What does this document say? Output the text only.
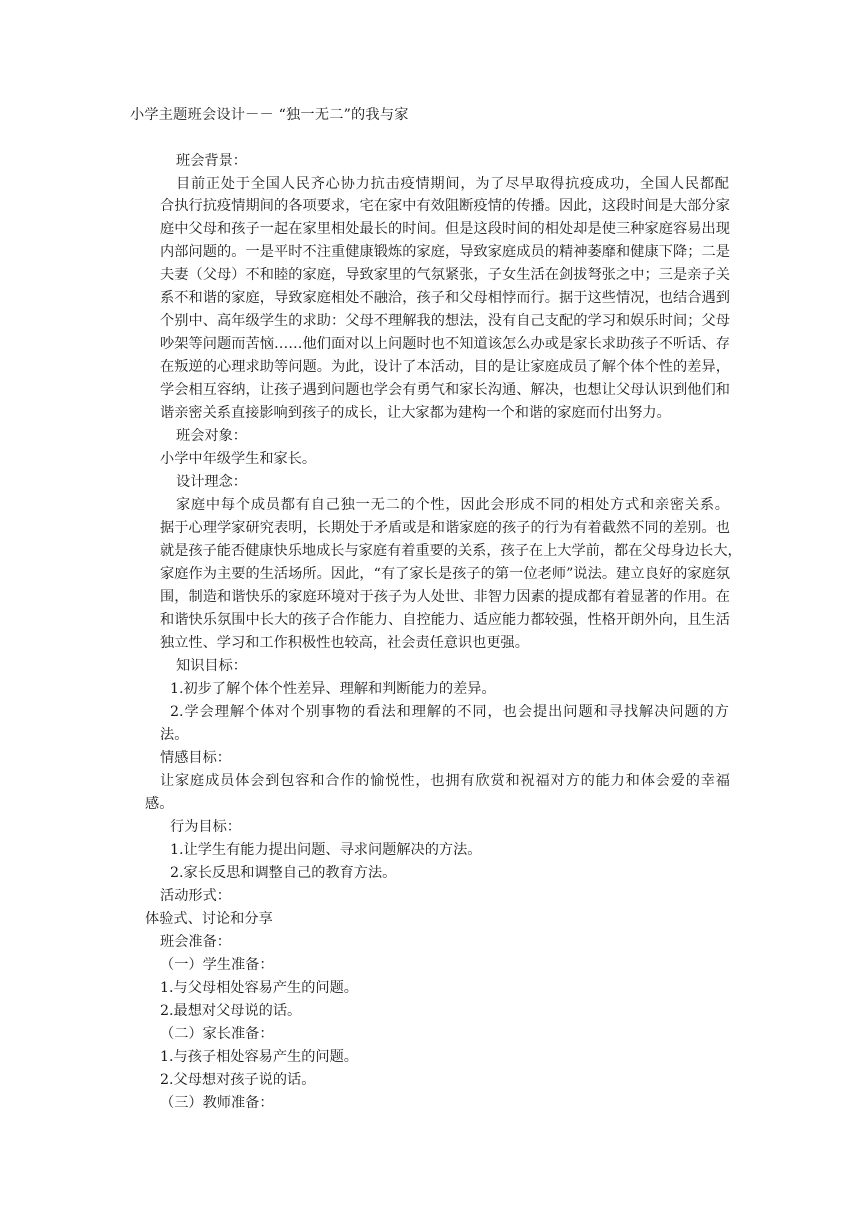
小学主题班会设计－－ “独一无二”的我与家
班会背景：
目前正处于全国人民齐心协力抗击疫情期间，为了尽早取得抗疫成功，全国人民都配
合执行抗疫情期间的各项要求，宅在家中有效阻断疫情的传播。因此，这段时间是大部分家
庭中父母和孩子一起在家里相处最长的时间。但是这段时间的相处却是使三种家庭容易出现
内部问题的。一是平时不注重健康锻炼的家庭，导致家庭成员的精神萎靡和健康下降；二是
夫妻（父母）不和睦的家庭，导致家里的气氛紧张，子女生活在剑拔弩张之中；三是亲子关
系不和谐的家庭，导致家庭相处不融洽，孩子和父母相悖而行。据于这些情况，也结合遇到
个别中、高年级学生的求助：父母不理解我的想法，没有自己支配的学习和娱乐时间；父母
吵架等问题而苦恼……他们面对以上问题时也不知道该怎么办或是家长求助孩子不听话、存
在叛逆的心理求助等问题。为此，设计了本活动，目的是让家庭成员了解个体个性的差异，
学会相互容纳，让孩子遇到问题也学会有勇气和家长沟通、解决，也想让父母认识到他们和
谐亲密关系直接影响到孩子的成长，让大家都为建构一个和谐的家庭而付出努力。
班会对象：
小学中年级学生和家长。
设计理念：
家庭中每个成员都有自己独一无二的个性，因此会形成不同的相处方式和亲密关系。
据于心理学家研究表明，长期处于矛盾或是和谐家庭的孩子的行为有着截然不同的差别。也
就是孩子能否健康快乐地成长与家庭有着重要的关系，孩子在上大学前，都在父母身边长大，
家庭作为主要的生活场所。因此，“有了家长是孩子的第一位老师”说法。建立良好的家庭氛
围，制造和谐快乐的家庭环境对于孩子为人处世、非智力因素的提成都有着显著的作用。在
和谐快乐氛围中长大的孩子合作能力、自控能力、适应能力都较强，性格开朗外向，且生活
独立性、学习和工作积极性也较高，社会责任意识也更强。
知识目标：
1.初步了解个体个性差异、理解和判断能力的差异。
2.学会理解个体对个别事物的看法和理解的不同，也会提出问题和寻找解决问题的方
法。
情感目标：
让家庭成员体会到包容和合作的愉悦性，也拥有欣赏和祝福对方的能力和体会爱的幸福
感。
行为目标：
1.让学生有能力提出问题、寻求问题解决的方法。
2.家长反思和调整自己的教育方法。
活动形式：
体验式、讨论和分享
班会准备：
（一）学生准备：
1.与父母相处容易产生的问题。
2.最想对父母说的话。
（二）家长准备：
1.与孩子相处容易产生的问题。
2.父母想对孩子说的话。
（三）教师准备：
